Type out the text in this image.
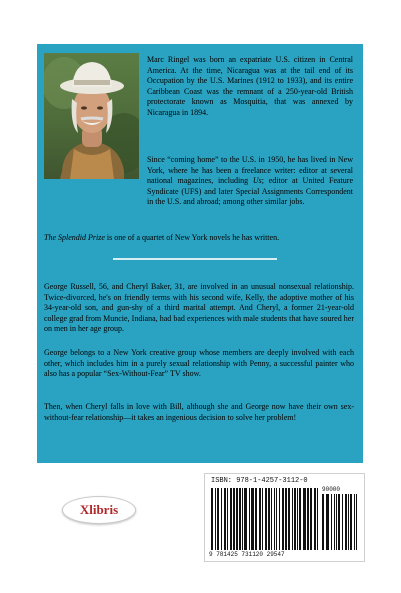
Marc Ringel was born an expatriate U.S. citizen in Central America. At the time, Nicaragua was at the tail end of its Occupation by the U.S. Marines (1912 to 1933), and its entire Caribbean Coast was the remnant of a 250-year-old British protectorate known as Mosquitia, that was annexed by Nicaragua in 1894.

Since “coming home” to the U.S. in 1950, he has lived in New York, where he has been a freelance writer: editor at several national magazines, including Us; editor at United Feature Syndicate (UFS) and later Special Assignments Correspondent in the U.S. and abroad; among other similar jobs.

The Splendid Prize is one of a quartet of New York novels he has written.

George Russell, 56, and Cheryl Baker, 31, are involved in an unusual nonsexual relationship. Twice-divorced, he's on friendly terms with his second wife, Kelly, the adoptive mother of his 34-year-old son, and gun-shy of a third marital attempt. And Cheryl, a former 21-year-old college grad from Muncie, Indiana, had bad experiences with male students that have soured her on men in her age group.

George belongs to a New York creative group whose members are deeply involved with each other, which includes him in a purely sexual relationship with Penny, a successful painter who also has a popular “Sex-Without-Fear” TV show.

Then, when Cheryl falls in love with Bill, although she and George now have their own sex-without-fear relationship—it takes an ingenious decision to solve her problem!

Xlibris
ISBN: 978-1-4257-3112-0
90000
9 781425 731120 29547
